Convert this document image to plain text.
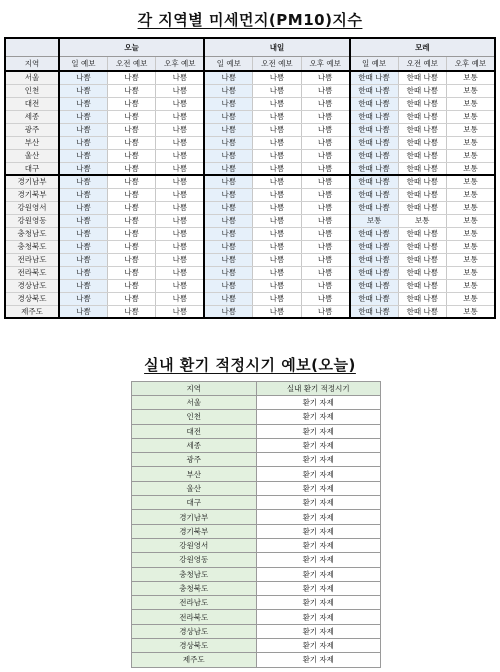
각 지역별 미세먼지(PM10)지수
	오늘			내일			모레		
지역	일 예보	오전 예보	오후 예보	일 예보	오전 예보	오후 예보	일 예보	오전 예보	오후 예보
서울	나쁨	나쁨	나쁨	나쁨	나쁨	나쁨	한때 나쁨	한때 나쁨	보통
인천	나쁨	나쁨	나쁨	나쁨	나쁨	나쁨	한때 나쁨	한때 나쁨	보통
대전	나쁨	나쁨	나쁨	나쁨	나쁨	나쁨	한때 나쁨	한때 나쁨	보통
세종	나쁨	나쁨	나쁨	나쁨	나쁨	나쁨	한때 나쁨	한때 나쁨	보통
광주	나쁨	나쁨	나쁨	나쁨	나쁨	나쁨	한때 나쁨	한때 나쁨	보통
부산	나쁨	나쁨	나쁨	나쁨	나쁨	나쁨	한때 나쁨	한때 나쁨	보통
울산	나쁨	나쁨	나쁨	나쁨	나쁨	나쁨	한때 나쁨	한때 나쁨	보통
대구	나쁨	나쁨	나쁨	나쁨	나쁨	나쁨	한때 나쁨	한때 나쁨	보통
경기남부	나쁨	나쁨	나쁨	나쁨	나쁨	나쁨	한때 나쁨	한때 나쁨	보통
경기북부	나쁨	나쁨	나쁨	나쁨	나쁨	나쁨	한때 나쁨	한때 나쁨	보통
강원영서	나쁨	나쁨	나쁨	나쁨	나쁨	나쁨	한때 나쁨	한때 나쁨	보통
강원영동	나쁨	나쁨	나쁨	나쁨	나쁨	나쁨	보통	보통	보통
충청남도	나쁨	나쁨	나쁨	나쁨	나쁨	나쁨	한때 나쁨	한때 나쁨	보통
충청북도	나쁨	나쁨	나쁨	나쁨	나쁨	나쁨	한때 나쁨	한때 나쁨	보통
전라남도	나쁨	나쁨	나쁨	나쁨	나쁨	나쁨	한때 나쁨	한때 나쁨	보통
전라북도	나쁨	나쁨	나쁨	나쁨	나쁨	나쁨	한때 나쁨	한때 나쁨	보통
경상남도	나쁨	나쁨	나쁨	나쁨	나쁨	나쁨	한때 나쁨	한때 나쁨	보통
경상북도	나쁨	나쁨	나쁨	나쁨	나쁨	나쁨	한때 나쁨	한때 나쁨	보통
제주도	나쁨	나쁨	나쁨	나쁨	나쁨	나쁨	한때 나쁨	한때 나쁨	보통
실내 환기 적정시기 예보(오늘)
지역	실내 환기 적정시기
서울	환기 자제
인천	환기 자제
대전	환기 자제
세종	환기 자제
광주	환기 자제
부산	환기 자제
울산	환기 자제
대구	환기 자제
경기남부	환기 자제
경기북부	환기 자제
강원영서	환기 자제
강원영동	환기 자제
충청남도	환기 자제
충청북도	환기 자제
전라남도	환기 자제
전라북도	환기 자제
경상남도	환기 자제
경상북도	환기 자제
제주도	환기 자제
